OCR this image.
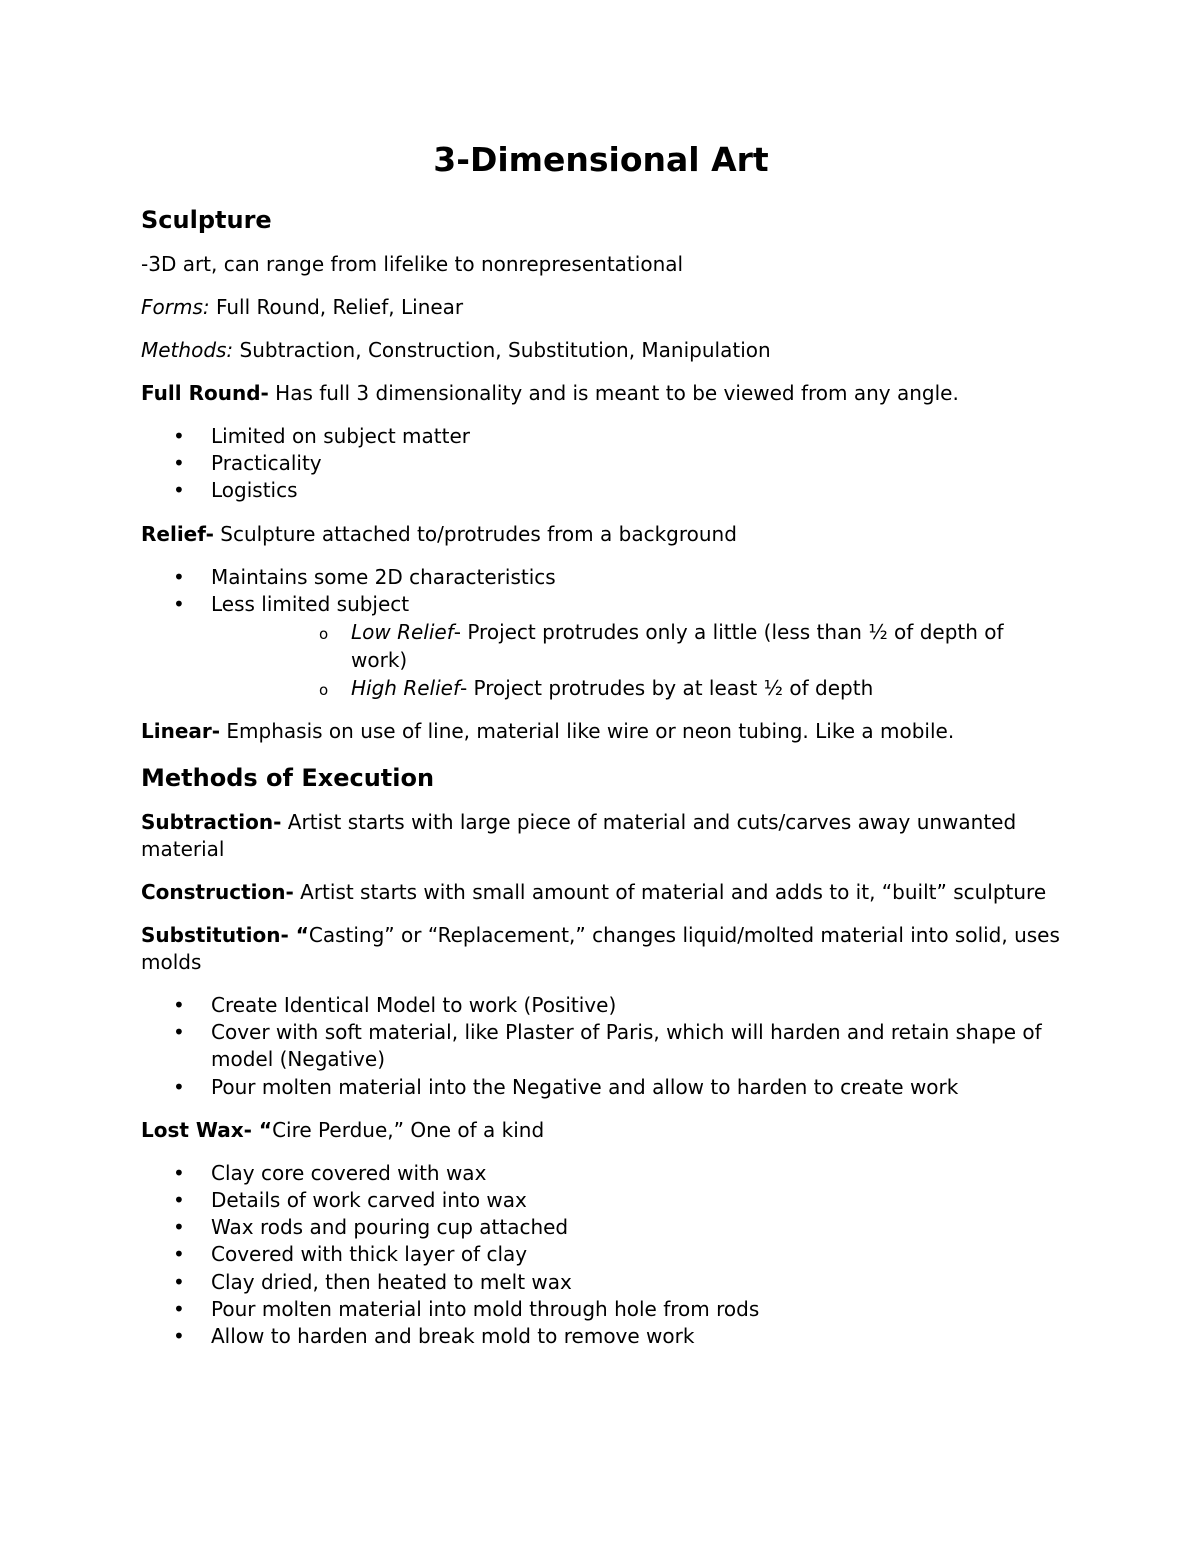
3-Dimensional Art
Sculpture

-3D art, can range from lifelike to nonrepresentational

Forms: Full Round, Relief, Linear

Methods: Subtraction, Construction, Substitution, Manipulation

Full Round- Has full 3 dimensionality and is meant to be viewed from any angle.

• Limited on subject matter
• Practicality
• Logistics

Relief- Sculpture attached to/protrudes from a background

• Maintains some 2D characteristics
• Less limited subject
o Low Relief- Project protrudes only a little (less than ½ of depth of work)
o High Relief- Project protrudes by at least ½ of depth

Linear- Emphasis on use of line, material like wire or neon tubing. Like a mobile.

Methods of Execution

Subtraction- Artist starts with large piece of material and cuts/carves away unwanted material

Construction- Artist starts with small amount of material and adds to it, “built” sculpture

Substitution- “Casting” or “Replacement,” changes liquid/molted material into solid, uses molds

• Create Identical Model to work (Positive)
• Cover with soft material, like Plaster of Paris, which will harden and retain shape of model (Negative)
• Pour molten material into the Negative and allow to harden to create work

Lost Wax- “Cire Perdue,” One of a kind

• Clay core covered with wax
• Details of work carved into wax
• Wax rods and pouring cup attached
• Covered with thick layer of clay
• Clay dried, then heated to melt wax
• Pour molten material into mold through hole from rods
• Allow to harden and break mold to remove work
